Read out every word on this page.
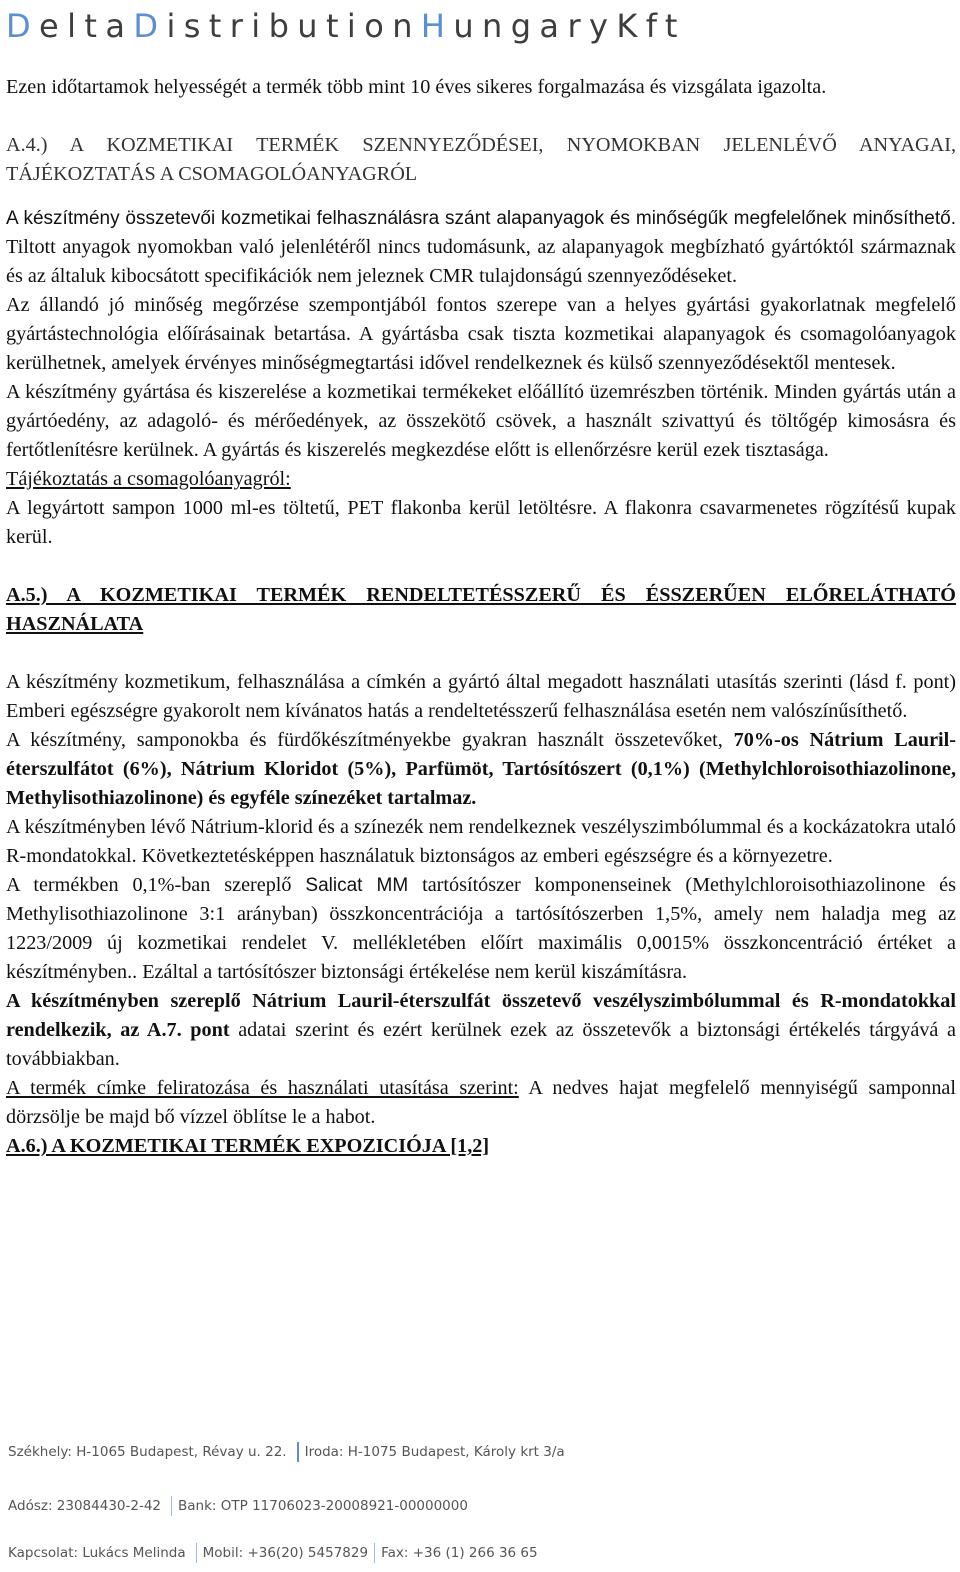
DeltaDistributionHungaryKft

Ezen időtartamok helyességét a termék több mint 10 éves sikeres forgalmazása és vizsgálata igazolta.

A.4.) A KOZMETIKAI TERMÉK SZENNYEZŐDÉSEI, NYOMOKBAN JELENLÉVŐ ANYAGAI, TÁJÉKOZTATÁS A CSOMAGOLÓANYAGRÓL

A készítmény összetevői kozmetikai felhasználásra szánt alapanyagok és minőségűk megfelelőnek minősíthető. Tiltott anyagok nyomokban való jelenlétéről nincs tudomásunk, az alapanyagok megbízható gyártóktól származnak és az általuk kibocsátott specifikációk nem jeleznek CMR tulajdonságú szennyeződéseket.

Az állandó jó minőség megőrzése szempontjából fontos szerepe van a helyes gyártási gyakorlatnak megfelelő gyártástechnológia előírásainak betartása. A gyártásba csak tiszta kozmetikai alapanyagok és csomagolóanyagok kerülhetnek, amelyek érvényes minőségmegtartási idővel rendelkeznek és külső szennyeződésektől mentesek.

A készítmény gyártása és kiszerelése a kozmetikai termékeket előállító üzemrészben történik. Minden gyártás után a gyártóedény, az adagoló- és mérőedények, az összekötő csövek, a használt szivattyú és töltőgép kimosásra és fertőtlenítésre kerülnek. A gyártás és kiszerelés megkezdése előtt is ellenőrzésre kerül ezek tisztasága.

Tájékoztatás a csomagolóanyagról:

A legyártott sampon 1000 ml-es töltetű, PET flakonba kerül letöltésre. A flakonra csavarmenetes rögzítésű kupak kerül.

A.5.) A KOZMETIKAI TERMÉK RENDELTETÉSSZERŰ ÉS ÉSSZERŰEN ELŐRELÁTHATÓ HASZNÁLATA

A készítmény kozmetikum, felhasználása a címkén a gyártó által megadott használati utasítás szerinti (lásd f. pont) Emberi egészségre gyakorolt nem kívánatos hatás a rendeltetésszerű felhasználása esetén nem valószínűsíthető.

A készítmény, samponokba és fürdőkészítményekbe gyakran használt összetevőket, 70%-os Nátrium Lauril-éterszulfátot (6%), Nátrium Kloridot (5%), Parfümöt, Tartósítószert (0,1%) (Methylchloroisothiazolinone, Methylisothiazolinone) és egyféle színezéket tartalmaz.

A készítményben lévő Nátrium-klorid és a színezék nem rendelkeznek veszélyszimbólummal és a kockázatokra utaló R-mondatokkal. Következtetésképpen használatuk biztonságos az emberi egészségre és a környezetre.

A termékben 0,1%-ban szereplő Salicat MM tartósítószer komponenseinek (Methylchloroisothiazolinone és Methylisothiazolinone 3:1 arányban) összkoncentrációja a tartósítószerben 1,5%, amely nem haladja meg az 1223/2009 új kozmetikai rendelet V. mellékletében előírt maximális 0,0015% összkoncentráció értéket a készítményben.. Ezáltal a tartósítószer biztonsági értékelése nem kerül kiszámításra.

A készítményben szereplő Nátrium Lauril-éterszulfát összetevő veszélyszimbólummal és R-mondatokkal rendelkezik, az A.7. pont adatai szerint és ezért kerülnek ezek az összetevők a biztonsági értékelés tárgyává a továbbiakban.

A termék címke feliratozása és használati utasítása szerint: A nedves hajat megfelelő mennyiségű samponnal dörzsölje be majd bő vízzel öblítse le a habot.

A.6.) A KOZMETIKAI TERMÉK EXPOZICIÓJA [1,2]

Székhely: H-1065 Budapest, Révay u. 22. Iroda: H-1075 Budapest, Károly krt 3/a
Adósz: 23084430-2-42 Bank: OTP 11706023-20008921-00000000
Kapcsolat: Lukács Melinda Mobil: +36(20) 5457829 Fax: +36 (1) 266 36 65
